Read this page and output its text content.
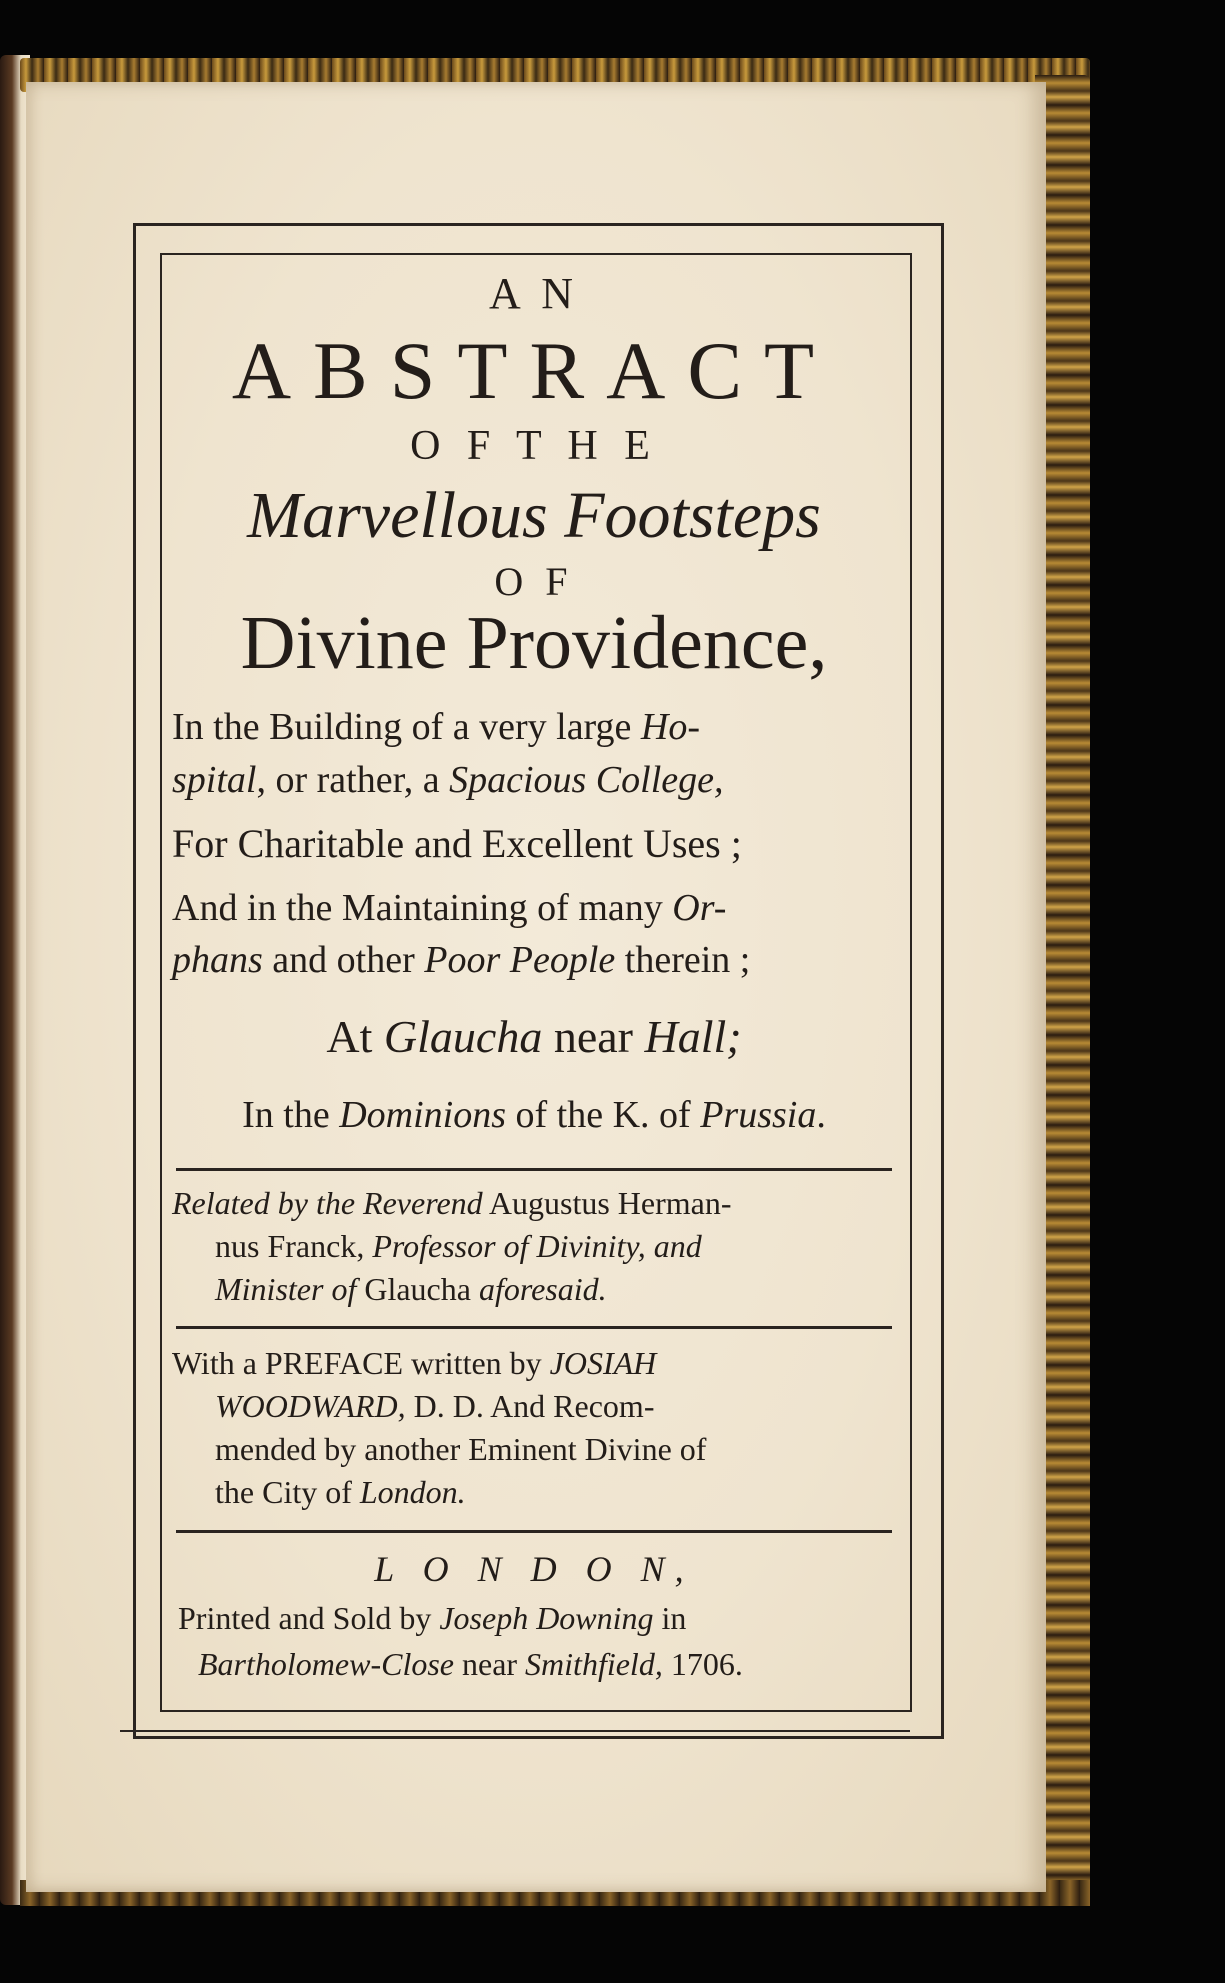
A N
ABSTRACT
O F T H E
Marvellous Footsteps
O F
Divine Providence,
In the Building of a very large Ho-
spital, or rather, a Spacious College,
For Charitable and Excellent Uses ;
And in the Maintaining of many Or-
phans and other Poor People therein ;
At Glaucha near Hall;
In the Dominions of the K. of Prussia.
Related by the Reverend Augustus Herman-
nus Franck, Professor of Divinity, and
Minister of Glaucha aforesaid.
With a PREFACE written by JOSIAH
WOODWARD, D. D. And Recom-
mended by another Eminent Divine of
the City of London.
L O N D O N,
Printed and Sold by Joseph Downing in
Bartholomew-Close near Smithfield, 1706.
